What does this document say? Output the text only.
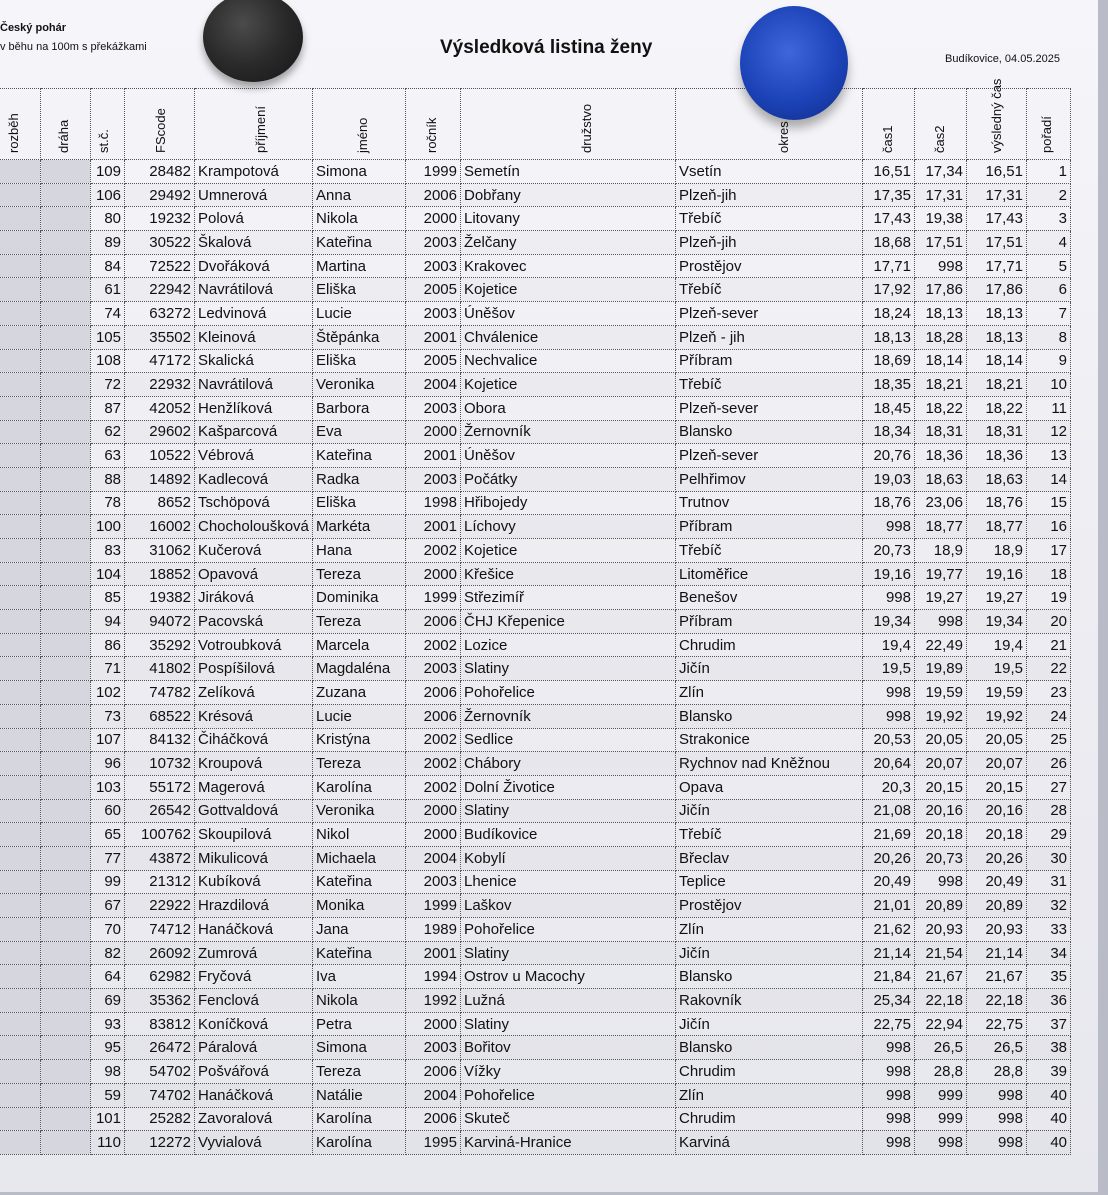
Český pohár
v běhu na 100m s překážkami	Výsledková listina ženy
Budíkovice, 04.05.2025
rozběh	dráha	st.č.	FScode	příjmení	jméno	ročník	družstvo	okres	čas1	čas2	výsledný čas	pořadí

		109	28482	Krampotová	Simona	1999	Semetín	Vsetín	16,51	17,34	16,51	1
		106	29492	Umnerová	Anna	2006	Dobřany	Plzeň-jih	17,35	17,31	17,31	2
		80	19232	Polová	Nikola	2000	Litovany	Třebíč	17,43	19,38	17,43	3
		89	30522	Škalová	Kateřina	2003	Želčany	Plzeň-jih	18,68	17,51	17,51	4
		84	72522	Dvořáková	Martina	2003	Krakovec	Prostějov	17,71	998	17,71	5
		61	22942	Navrátilová	Eliška	2005	Kojetice	Třebíč	17,92	17,86	17,86	6
		74	63272	Ledvinová	Lucie	2003	Úněšov	Plzeň-sever	18,24	18,13	18,13	7
		105	35502	Kleinová	Štěpánka	2001	Chválenice	Plzeň - jih	18,13	18,28	18,13	8
		108	47172	Skalická	Eliška	2005	Nechvalice	Příbram	18,69	18,14	18,14	9
		72	22932	Navrátilová	Veronika	2004	Kojetice	Třebíč	18,35	18,21	18,21	10
		87	42052	Henžlíková	Barbora	2003	Obora	Plzeň-sever	18,45	18,22	18,22	11
		62	29602	Kašparcová	Eva	2000	Žernovník	Blansko	18,34	18,31	18,31	12
		63	10522	Vébrová	Kateřina	2001	Úněšov	Plzeň-sever	20,76	18,36	18,36	13
		88	14892	Kadlecová	Radka	2003	Počátky	Pelhřimov	19,03	18,63	18,63	14
		78	8652	Tschöpová	Eliška	1998	Hřibojedy	Trutnov	18,76	23,06	18,76	15
		100	16002	Chocholoušková	Markéta	2001	Líchovy	Příbram	998	18,77	18,77	16
		83	31062	Kučerová	Hana	2002	Kojetice	Třebíč	20,73	18,9	18,9	17
		104	18852	Opavová	Tereza	2000	Křešice	Litoměřice	19,16	19,77	19,16	18
		85	19382	Jiráková	Dominika	1999	Střezimíř	Benešov	998	19,27	19,27	19
		94	94072	Pacovská	Tereza	2006	ČHJ Křepenice	Příbram	19,34	998	19,34	20
		86	35292	Votroubková	Marcela	2002	Lozice	Chrudim	19,4	22,49	19,4	21
		71	41802	Pospíšilová	Magdaléna	2003	Slatiny	Jičín	19,5	19,89	19,5	22
		102	74782	Zelíková	Zuzana	2006	Pohořelice	Zlín	998	19,59	19,59	23
		73	68522	Krésová	Lucie	2006	Žernovník	Blansko	998	19,92	19,92	24
		107	84132	Čiháčková	Kristýna	2002	Sedlice	Strakonice	20,53	20,05	20,05	25
		96	10732	Kroupová	Tereza	2002	Chábory	Rychnov nad Kněžnou	20,64	20,07	20,07	26
		103	55172	Magerová	Karolína	2002	Dolní Životice	Opava	20,3	20,15	20,15	27
		60	26542	Gottvaldová	Veronika	2000	Slatiny	Jičín	21,08	20,16	20,16	28
		65	100762	Skoupilová	Nikol	2000	Budíkovice	Třebíč	21,69	20,18	20,18	29
		77	43872	Mikulicová	Michaela	2004	Kobylí	Břeclav	20,26	20,73	20,26	30
		99	21312	Kubíková	Kateřina	2003	Lhenice	Teplice	20,49	998	20,49	31
		67	22922	Hrazdilová	Monika	1999	Laškov	Prostějov	21,01	20,89	20,89	32
		70	74712	Hanáčková	Jana	1989	Pohořelice	Zlín	21,62	20,93	20,93	33
		82	26092	Zumrová	Kateřina	2001	Slatiny	Jičín	21,14	21,54	21,14	34
		64	62982	Fryčová	Iva	1994	Ostrov u Macochy	Blansko	21,84	21,67	21,67	35
		69	35362	Fenclová	Nikola	1992	Lužná	Rakovník	25,34	22,18	22,18	36
		93	83812	Koníčková	Petra	2000	Slatiny	Jičín	22,75	22,94	22,75	37
		95	26472	Páralová	Simona	2003	Bořitov	Blansko	998	26,5	26,5	38
		98	54702	Pošvářová	Tereza	2006	Vížky	Chrudim	998	28,8	28,8	39
		59	74702	Hanáčková	Natálie	2004	Pohořelice	Zlín	998	999	998	40
		101	25282	Zavoralová	Karolína	2006	Skuteč	Chrudim	998	999	998	40
		110	12272	Vyvialová	Karolína	1995	Karviná-Hranice	Karviná	998	998	998	40
